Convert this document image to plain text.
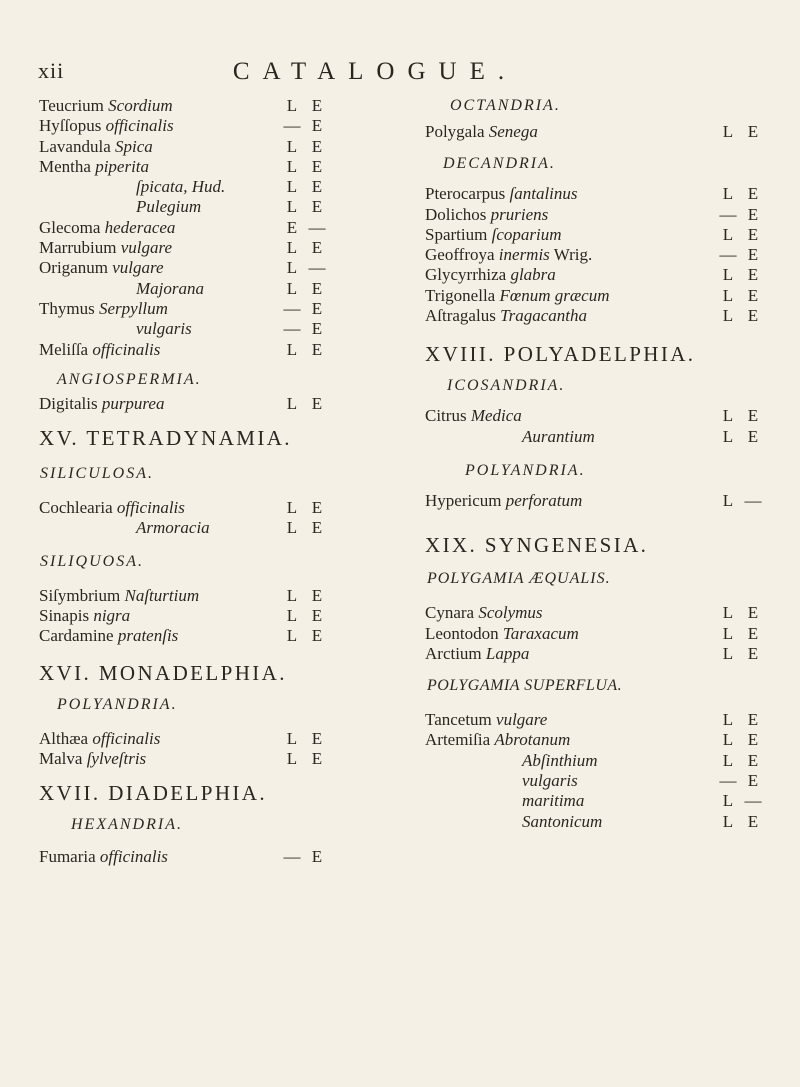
xii	CATALOGUE.
Teucrium Scordium	L E
Hyſſopus officinalis	— E
Lavandula Spica	L E
Mentha piperita	L E
ſpicata, Hud.	L E
Pulegium	L E
Glecoma hederacea	E —
Marrubium vulgare	L E
Origanum vulgare	L —
Majorana	L E
Thymus Serpyllum	— E
vulgaris	— E
Meliſſa officinalis	L E
ANGIOSPERMIA.
Digitalis purpurea	L E
XV. TETRADYNAMIA.
SILICULOSA.
Cochlearia officinalis	L E
Armoracia	L E
SILIQUOSA.
Siſymbrium Naſturtium	L E
Sinapis nigra	L E
Cardamine pratenſis	L E
XVI. MONADELPHIA.
POLYANDRIA.
Althæa officinalis	L E
Malva ſylveſtris	L E
XVII. DIADELPHIA.
HEXANDRIA.
Fumaria officinalis	— E
OCTANDRIA.
Polygala Senega	L E
DECANDRIA.
Pterocarpus ſantalinus	L E
Dolichos pruriens	— E
Spartium ſcoparium	L E
Geoffroya inermis Wrig.	— E
Glycyrrhiza glabra	L E
Trigonella Fœnum græcum	L E
Aſtragalus Tragacantha	L E
XVIII. POLYADELPHIA.
ICOSANDRIA.
Citrus Medica	L E
Aurantium	L E
POLYANDRIA.
Hypericum perforatum	L —
XIX. SYNGENESIA.
POLYGAMIA ÆQUALIS.
Cynara Scolymus	L E
Leontodon Taraxacum	L E
Arctium Lappa	L E
POLYGAMIA SUPERFLUA.
Tancetum vulgare	L E
Artemiſia Abrotanum	L E
Abſinthium	L E
vulgaris	— E
maritima	L —
Santonicum	L E
